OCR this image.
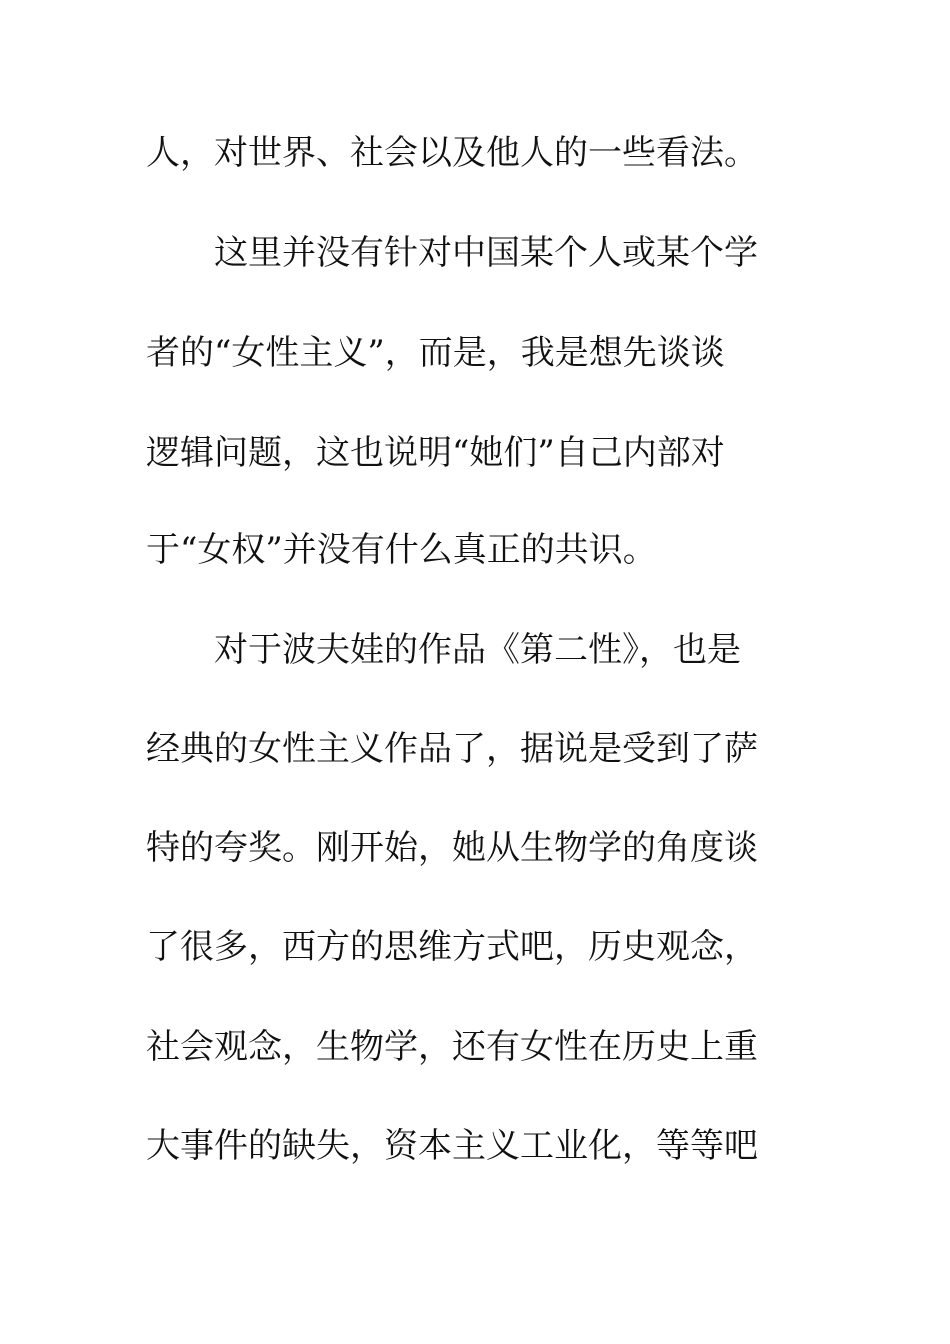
人，对世界、社会以及他人的一些看法。
这里并没有针对中国某个人或某个学
者的“女性主义”，而是，我是想先谈谈
逻辑问题，这也说明“她们”自己内部对
于“女权”并没有什么真正的共识。
对于波夫娃的作品《第二性》，也是
经典的女性主义作品了，据说是受到了萨
特的夸奖。刚开始，她从生物学的角度谈
了很多，西方的思维方式吧，历史观念，
社会观念，生物学，还有女性在历史上重
大事件的缺失，资本主义工业化，等等吧
